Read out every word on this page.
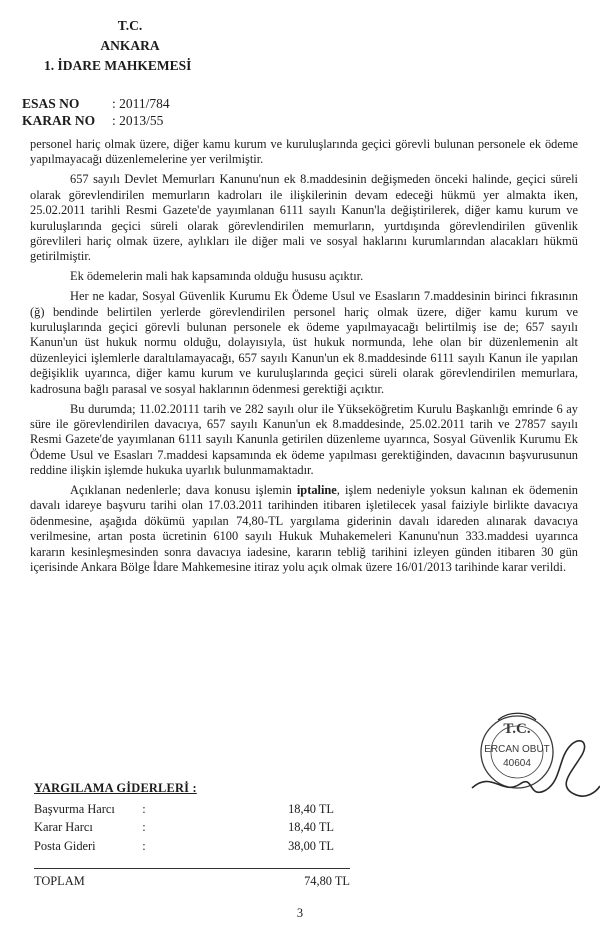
T.C.
ANKARA
1. İDARE MAHKEMESİ
ESAS NO	: 2011/784
KARAR NO	: 2013/55

personel hariç olmak üzere, diğer kamu kurum ve kuruluşlarında geçici görevli bulunan personele ek ödeme yapılmayacağı düzenlemelerine yer verilmiştir.

657 sayılı Devlet Memurları Kanunu'nun ek 8.maddesinin değişmeden önceki halinde, geçici süreli olarak görevlendirilen memurların kadroları ile ilişkilerinin devam edeceği hükmü yer almakta iken, 25.02.2011 tarihli Resmi Gazete'de yayımlanan 6111 sayılı Kanun'la değiştirilerek, diğer kamu kurum ve kuruluşlarında geçici süreli olarak görevlendirilen memurların, yurtdışında görevlendirilen güvenlik görevlileri hariç olmak üzere, aylıkları ile diğer mali ve sosyal haklarını kurumlarından alacakları hükmü getirilmiştir.

Ek ödemelerin mali hak kapsamında olduğu hususu açıktır.

Her ne kadar, Sosyal Güvenlik Kurumu Ek Ödeme Usul ve Esasların 7.maddesinin birinci fıkrasının (ğ) bendinde belirtilen yerlerde görevlendirilen personel hariç olmak üzere, diğer kamu kurum ve kuruluşlarında geçici görevli bulunan personele ek ödeme yapılmayacağı belirtilmiş ise de; 657 sayılı Kanun'un üst hukuk normu olduğu, dolayısıyla, üst hukuk normunda, lehe olan bir düzenlemenin alt düzenleyici işlemlerle daraltılamayacağı, 657 sayılı Kanun'un ek 8.maddesinde 6111 sayılı Kanun ile yapılan değişiklik uyarınca, diğer kamu kurum ve kuruluşlarında geçici süreli olarak görevlendirilen memurlara, kadrosuna bağlı parasal ve sosyal haklarının ödenmesi gerektiği açıktır.

Bu durumda; 11.02.20111 tarih ve 282 sayılı olur ile Yükseköğretim Kurulu Başkanlığı emrinde 6 ay süre ile görevlendirilen davacıya, 657 sayılı Kanun'un ek 8.maddesinde, 25.02.2011 tarih ve 27857 sayılı Resmi Gazete'de yayımlanan 6111 sayılı Kanunla getirilen düzenleme uyarınca, Sosyal Güvenlik Kurumu Ek Ödeme Usul ve Esasları 7.maddesi kapsamında ek ödeme yapılması gerektiğinden, davacının başvurusunun reddine ilişkin işlemde hukuka uyarlık bulunmamaktadır.

Açıklanan nedenlerle; dava konusu işlemin iptaline, işlem nedeniyle yoksun kalınan ek ödemenin davalı idareye başvuru tarihi olan 17.03.2011 tarihinden itibaren işletilecek yasal faiziyle birlikte davacıya ödenmesine, aşağıda dökümü yapılan 74,80-TL yargılama giderinin davalı idareden alınarak davacıya verilmesine, artan posta ücretinin 6100 sayılı Hukuk Muhakemeleri Kanunu'nun 333.maddesi uyarınca kararın kesinleşmesinden sonra davacıya iadesine, kararın tebliğ tarihini izleyen günden itibaren 30 gün içerisinde Ankara Bölge İdare Mahkemesine itiraz yolu açık olmak üzere 16/01/2013 tarihinde karar verildi.

T.C.
ERCAN OBUT
40604
YARGILAMA GİDERLERİ :
Başvurma Harcı	:	18,40 TL
Karar Harcı	:	18,40 TL
Posta Gideri	:	38,00 TL
TOPLAM	74,80 TL
3
